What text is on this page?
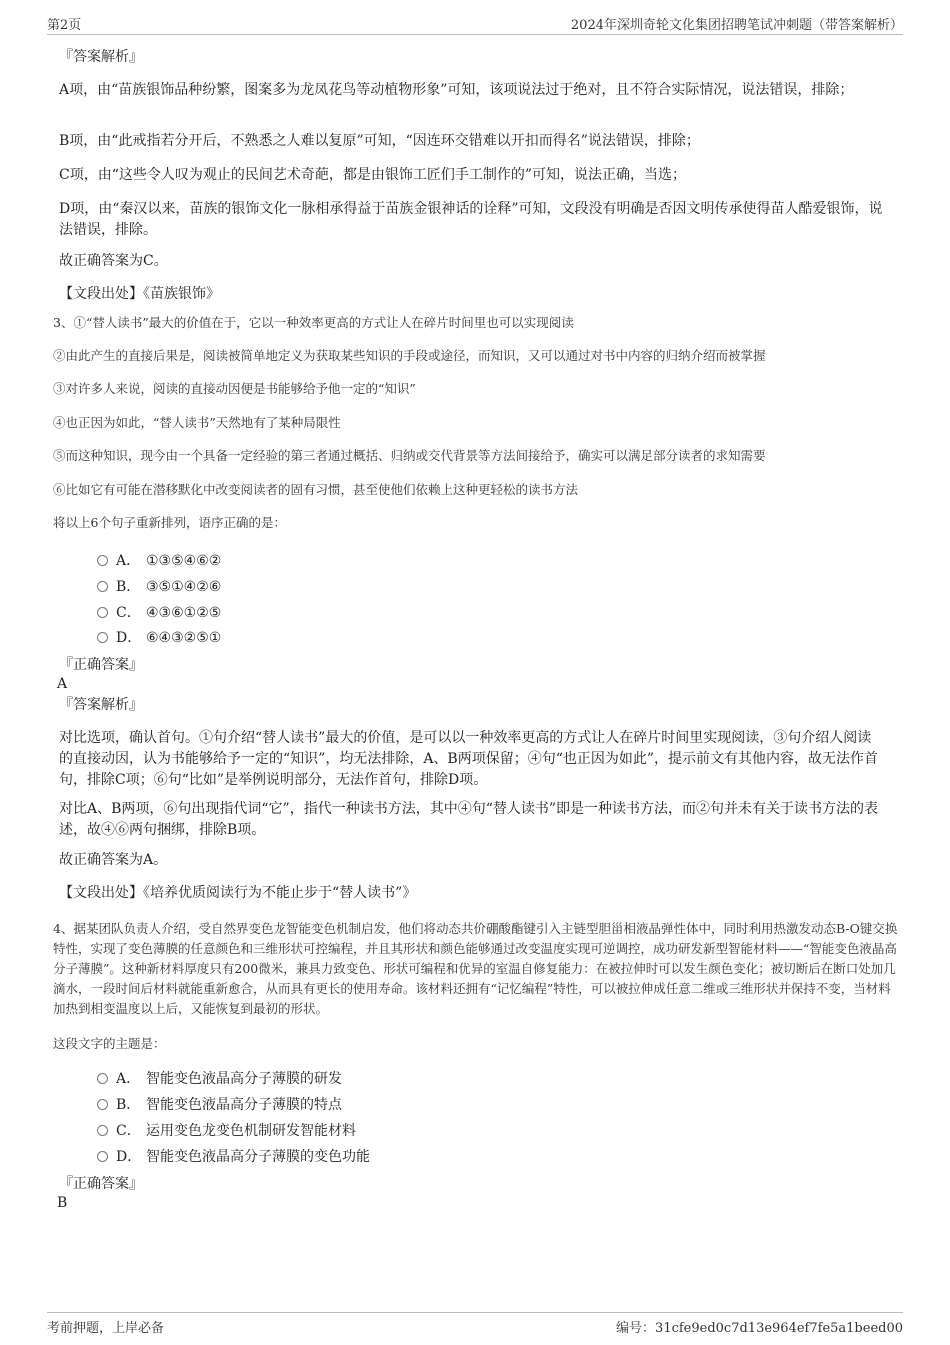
第2页	2024年深圳奇轮文化集团招聘笔试冲刺题（带答案解析）
『答案解析』
A项，由“苗族银饰品种纷繁，图案多为龙凤花鸟等动植物形象”可知，该项说法过于绝对，且不符合实际情况，说法错误，排除；
B项，由“此戒指若分开后，不熟悉之人难以复原”可知，“因连环交错难以开扣而得名”说法错误，排除；
C项，由“这些令人叹为观止的民间艺术奇葩，都是由银饰工匠们手工制作的”可知，说法正确，当选；
D项，由“秦汉以来，苗族的银饰文化一脉相承得益于苗族金银神话的诠释”可知，文段没有明确是否因文明传承使得苗人酷爱银饰，说法错误，排除。
故正确答案为C。
【文段出处】《苗族银饰》
3、①“替人读书”最大的价值在于，它以一种效率更高的方式让人在碎片时间里也可以实现阅读
②由此产生的直接后果是，阅读被简单地定义为获取某些知识的手段或途径，而知识，又可以通过对书中内容的归纳介绍而被掌握
③对许多人来说，阅读的直接动因便是书能够给予他一定的“知识”
④也正因为如此，“替人读书”天然地有了某种局限性
⑤而这种知识，现今由一个具备一定经验的第三者通过概括、归纳或交代背景等方法间接给予，确实可以满足部分读者的求知需要
⑥比如它有可能在潜移默化中改变阅读者的固有习惯，甚至使他们依赖上这种更轻松的读书方法
将以上6个句子重新排列，语序正确的是：
A． ①③⑤④⑥②
B． ③⑤①④②⑥
C． ④③⑥①②⑤
D． ⑥④③②⑤①
『正确答案』
A
『答案解析』
对比选项，确认首句。①句介绍“替人读书”最大的价值，是可以以一种效率更高的方式让人在碎片时间里实现阅读，③句介绍人阅读的直接动因，认为书能够给予一定的“知识”，均无法排除，A、B两项保留；④句“也正因为如此”，提示前文有其他内容，故无法作首句，排除C项；⑥句“比如”是举例说明部分，无法作首句，排除D项。
对比A、B两项，⑥句出现指代词“它”，指代一种读书方法，其中④句“替人读书”即是一种读书方法，而②句并未有关于读书方法的表述，故④⑥两句捆绑，排除B项。
故正确答案为A。
【文段出处】《培养优质阅读行为不能止步于“替人读书”》
4、据某团队负责人介绍，受自然界变色龙智能变色机制启发，他们将动态共价硼酸酯键引入主链型胆甾相液晶弹性体中，同时利用热激发动态B-O键交换特性，实现了变色薄膜的任意颜色和三维形状可控编程，并且其形状和颜色能够通过改变温度实现可逆调控，成功研发新型智能材料——“智能变色液晶高分子薄膜”。这种新材料厚度只有200微米，兼具力致变色、形状可编程和优异的室温自修复能力：在被拉伸时可以发生颜色变化；被切断后在断口处加几滴水，一段时间后材料就能重新愈合，从而具有更长的使用寿命。该材料还拥有“记忆编程”特性，可以被拉伸成任意二维或三维形状并保持不变，当材料加热到相变温度以上后，又能恢复到最初的形状。
这段文字的主题是：
A． 智能变色液晶高分子薄膜的研发
B． 智能变色液晶高分子薄膜的特点
C． 运用变色龙变色机制研发智能材料
D． 智能变色液晶高分子薄膜的变色功能
『正确答案』
B
考前押题，上岸必备	编号：31cfe9ed0c7d13e964ef7fe5a1beed00
